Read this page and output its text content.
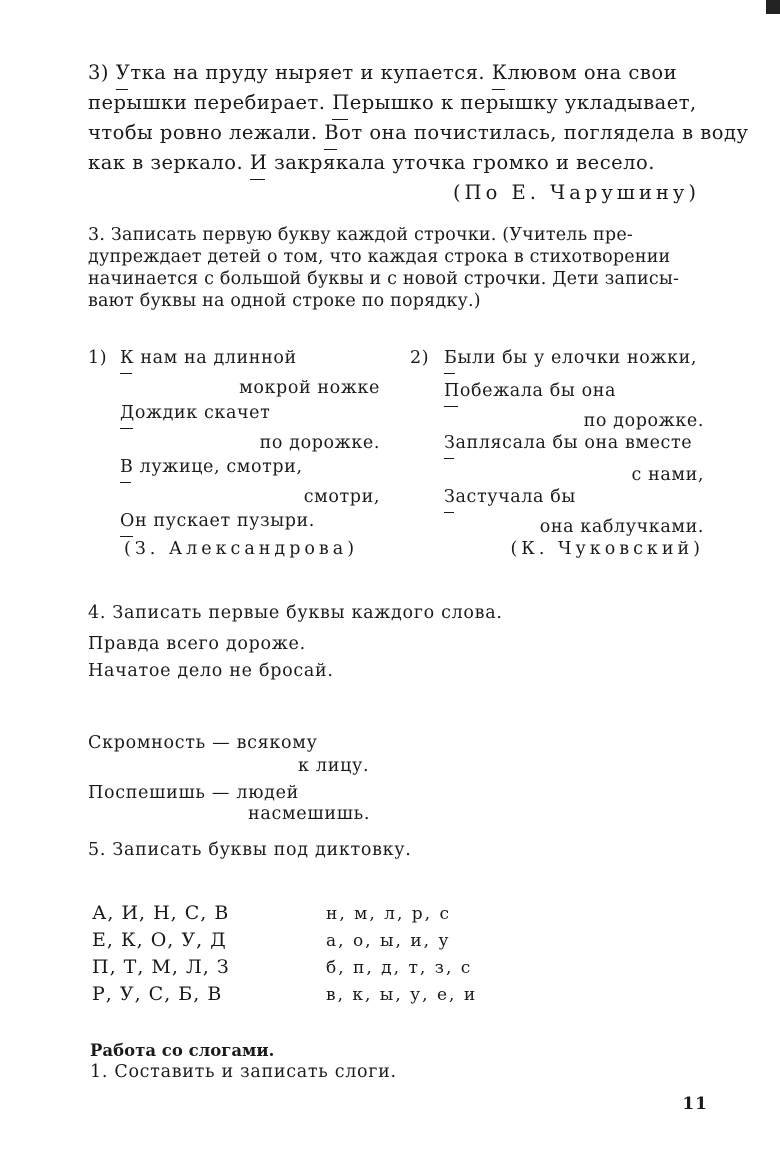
3) Утка на пруду ныряет и купается. Клювом она свои
перышки перебирает. Перышко к перышку укладывает,
чтобы ровно лежали. Вот она почистилась, поглядела в воду
как в зеркало. И закрякала уточка громко и весело.
(По Е. Чарушину)
3. Записать первую букву каждой строчки. (Учитель пре-
дупреждает детей о том, что каждая строка в стихотворении
начинается с большой буквы и с новой строчки. Дети записы-
вают буквы на одной строке по порядку.)
1) К нам на длинной
мокрой ножке
Дождик скачет
по дорожке.
В лужице, смотри,
смотри,
Он пускает пузыри.
(З. Александрова)
2) Были бы у елочки ножки,
Побежала бы она
по дорожке.
Заплясала бы она вместе
с нами,
Застучала бы
она каблучками.
(К. Чуковский)
4. Записать первые буквы каждого слова.
Правда всего дороже.
Начатое дело не бросай.
Скромность — всякому
к лицу.
Поспешишь — людей
насмешишь.
5. Записать буквы под диктовку.
А, И, Н, С, В
Е, К, О, У, Д
П, Т, М, Л, З
Р, У, С, Б, В
н, м, л, р, с
а, о, ы, и, у
б, п, д, т, з, с
в, к, ы, у, е, и
Работа со слогами.
1. Составить и записать слоги.
11
